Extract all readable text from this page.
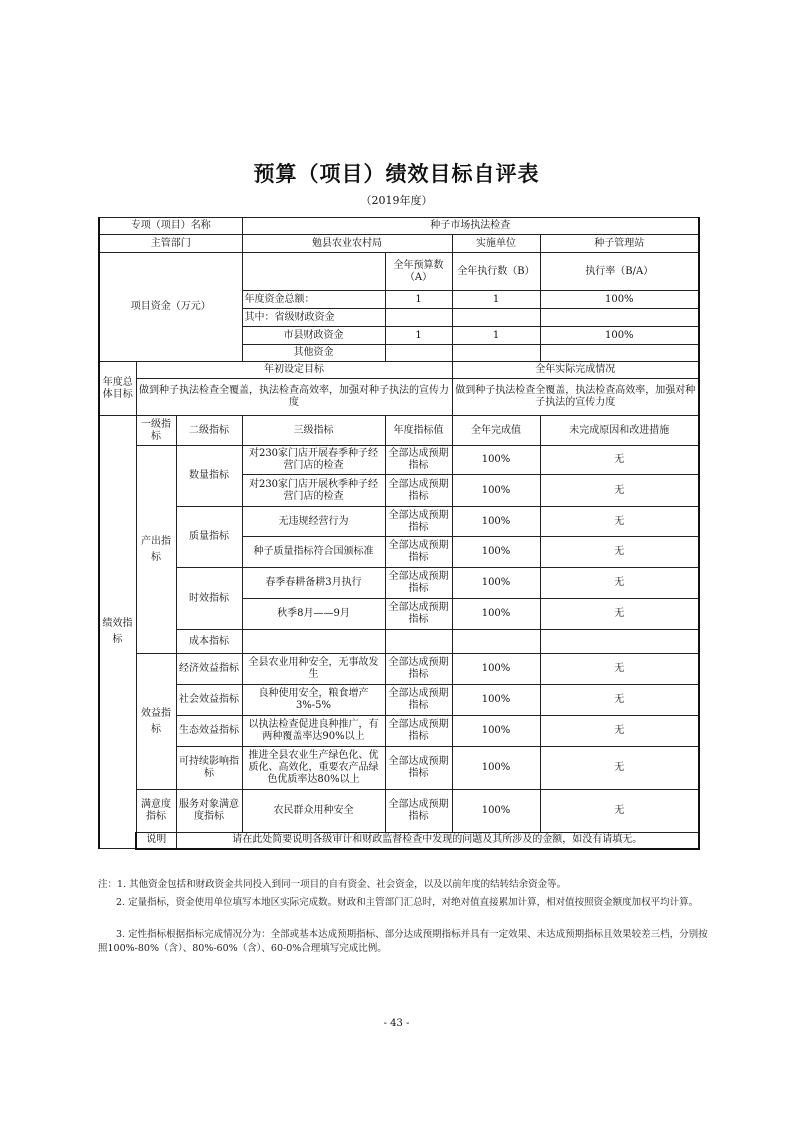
预算（项目）绩效目标自评表
（2019年度）
专项（项目）名称			种子市场执法检查			
主管部门			勉县农业农村局		实施单位	种子管理站
项目资金（万元）				全年预算数（A）	全年执行数（B）	执行率（B/A）
			年度资金总额：	1	1	100%
			其中：省级财政资金			
			市县财政资金	1	1	100%
			其他资金			
年度总体目标	年初设定目标				全年实际完成情况	
	做到种子执法检查全覆盖，执法检查高效率，加强对种子执法的宣传力度				做到种子执法检查全覆盖，执法检查高效率，加强对种子执法的宣传力度	
绩效指标	一级指标	二级指标	三级指标	年度指标值	全年完成值	未完成原因和改进措施
	产出指标	数量指标	对230家门店开展春季种子经营门店的检查	全部达成预期指标	100%	无
			对230家门店开展秋季种子经营门店的检查	全部达成预期指标	100%	无
		质量指标	无违规经营行为	全部达成预期指标	100%	无
			种子质量指标符合国颁标准	全部达成预期指标	100%	无
		时效指标	春季春耕备耕3月执行	全部达成预期指标	100%	无
			秋季8月——9月	全部达成预期指标	100%	无
		成本指标				
	效益指标	经济效益指标	全县农业用种安全，无事故发生	全部达成预期指标	100%	无
		社会效益指标	良种使用安全，粮食增产3%-5%	全部达成预期指标	100%	无
		生态效益指标	以执法检查促进良种推广，有两种覆盖率达90%以上	全部达成预期指标	100%	无
		可持续影响指标	推进全县农业生产绿色化、优质化、高效化，重要农产品绿色优质率达80%以上	全部达成预期指标	100%	无
	满意度指标	服务对象满意度指标	农民群众用种安全	全部达成预期指标	100%	无
	说明	请在此处简要说明各级审计和财政监督检查中发现的问题及其所涉及的金额，如没有请填无。				
注：1. 其他资金包括和财政资金共同投入到同一项目的自有资金、社会资金，以及以前年度的结转结余资金等。
2. 定量指标，资金使用单位填写本地区实际完成数。财政和主管部门汇总时，对绝对值直接累加计算，相对值按照资金额度加权平均计算。
3. 定性指标根据指标完成情况分为：全部或基本达成预期指标、部分达成预期指标并具有一定效果、未达成预期指标且效果较差三档，分别按照100%-80%（含）、80%-60%（含）、60-0%合理填写完成比例。
- 43 -
